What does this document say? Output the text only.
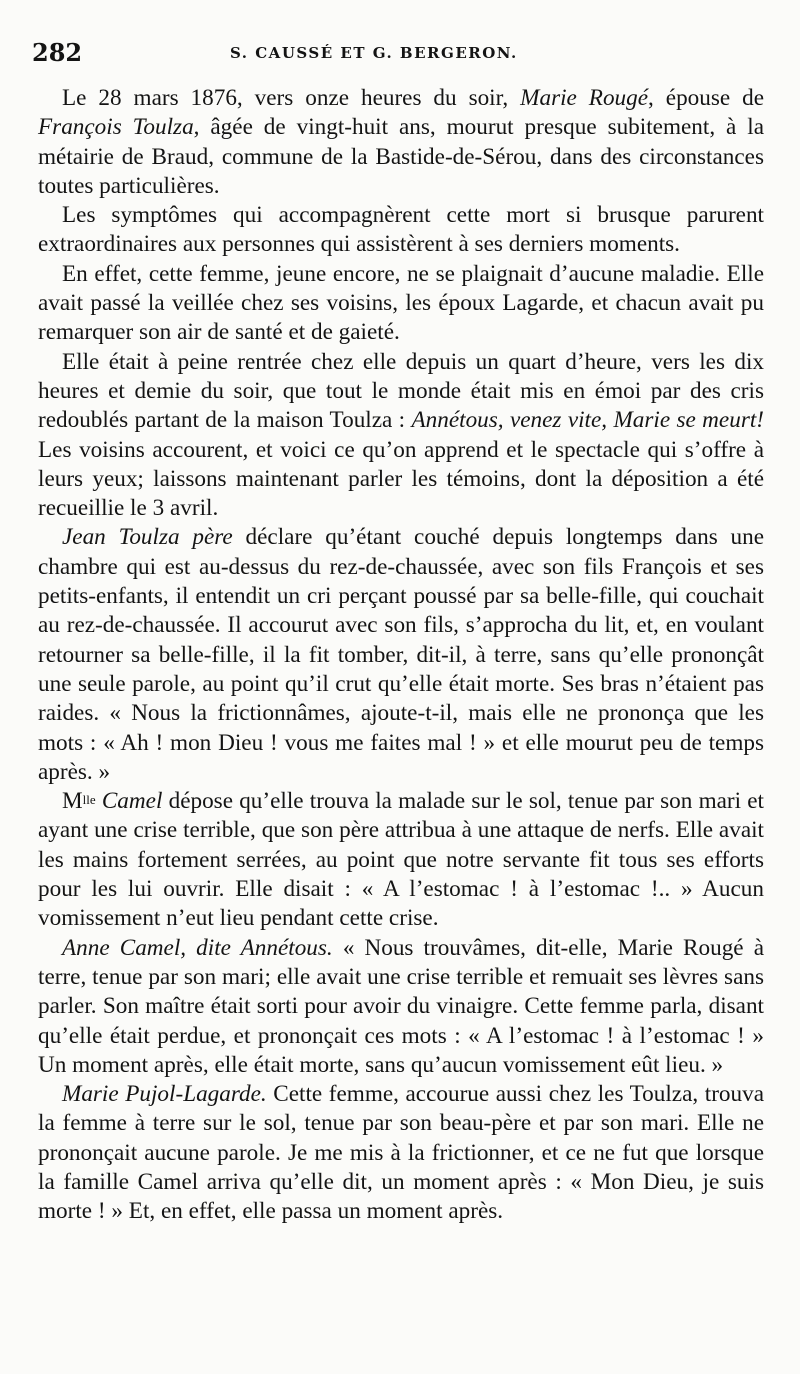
282	S. CAUSSÉ ET G. BERGERON.

Le 28 mars 1876, vers onze heures du soir, Marie Rougé, épouse de François Toulza, âgée de vingt-huit ans, mourut presque subitement, à la métairie de Braud, commune de la Bastide-de-Sérou, dans des circonstances toutes particulières.

Les symptômes qui accompagnèrent cette mort si brusque parurent extraordinaires aux personnes qui assistèrent à ses derniers moments.

En effet, cette femme, jeune encore, ne se plaignait d’aucune maladie. Elle avait passé la veillée chez ses voisins, les époux Lagarde, et chacun avait pu remarquer son air de santé et de gaieté.

Elle était à peine rentrée chez elle depuis un quart d’heure, vers les dix heures et demie du soir, que tout le monde était mis en émoi par des cris redoublés partant de la maison Toulza : Annétous, venez vite, Marie se meurt! Les voisins accourent, et voici ce qu’on apprend et le spectacle qui s’offre à leurs yeux; laissons maintenant parler les témoins, dont la déposition a été recueillie le 3 avril.

Jean Toulza père déclare qu’étant couché depuis longtemps dans une chambre qui est au-dessus du rez-de-chaussée, avec son fils François et ses petits-enfants, il entendit un cri perçant poussé par sa belle-fille, qui couchait au rez-de-chaussée. Il accourut avec son fils, s’approcha du lit, et, en voulant retourner sa belle-fille, il la fit tomber, dit-il, à terre, sans qu’elle prononçât une seule parole, au point qu’il crut qu’elle était morte. Ses bras n’étaient pas raides. « Nous la frictionnâmes, ajoute-t-il, mais elle ne prononça que les mots : « Ah ! mon Dieu ! vous me faites mal ! » et elle mourut peu de temps après. »

$M^{lle}$ Camel dépose qu’elle trouva la malade sur le sol, tenue par son mari et ayant une crise terrible, que son père attribua à une attaque de nerfs. Elle avait les mains fortement serrées, au point que notre servante fit tous ses efforts pour les lui ouvrir. Elle disait : « A l’estomac ! à l’estomac !.. » Aucun vomissement n’eut lieu pendant cette crise.

Anne Camel, dite Annétous. « Nous trouvâmes, dit-elle, Marie Rougé à terre, tenue par son mari; elle avait une crise terrible et remuait ses lèvres sans parler. Son maître était sorti pour avoir du vinaigre. Cette femme parla, disant qu’elle était perdue, et prononçait ces mots : « A l’estomac ! à l’estomac ! » Un moment après, elle était morte, sans qu’aucun vomissement eût lieu. »

Marie Pujol-Lagarde. Cette femme, accourue aussi chez les Toulza, trouva la femme à terre sur le sol, tenue par son beau-père et par son mari. Elle ne prononçait aucune parole. Je me mis à la frictionner, et ce ne fut que lorsque la famille Camel arriva qu’elle dit, un moment après : « Mon Dieu, je suis morte ! » Et, en effet, elle passa un moment après.
